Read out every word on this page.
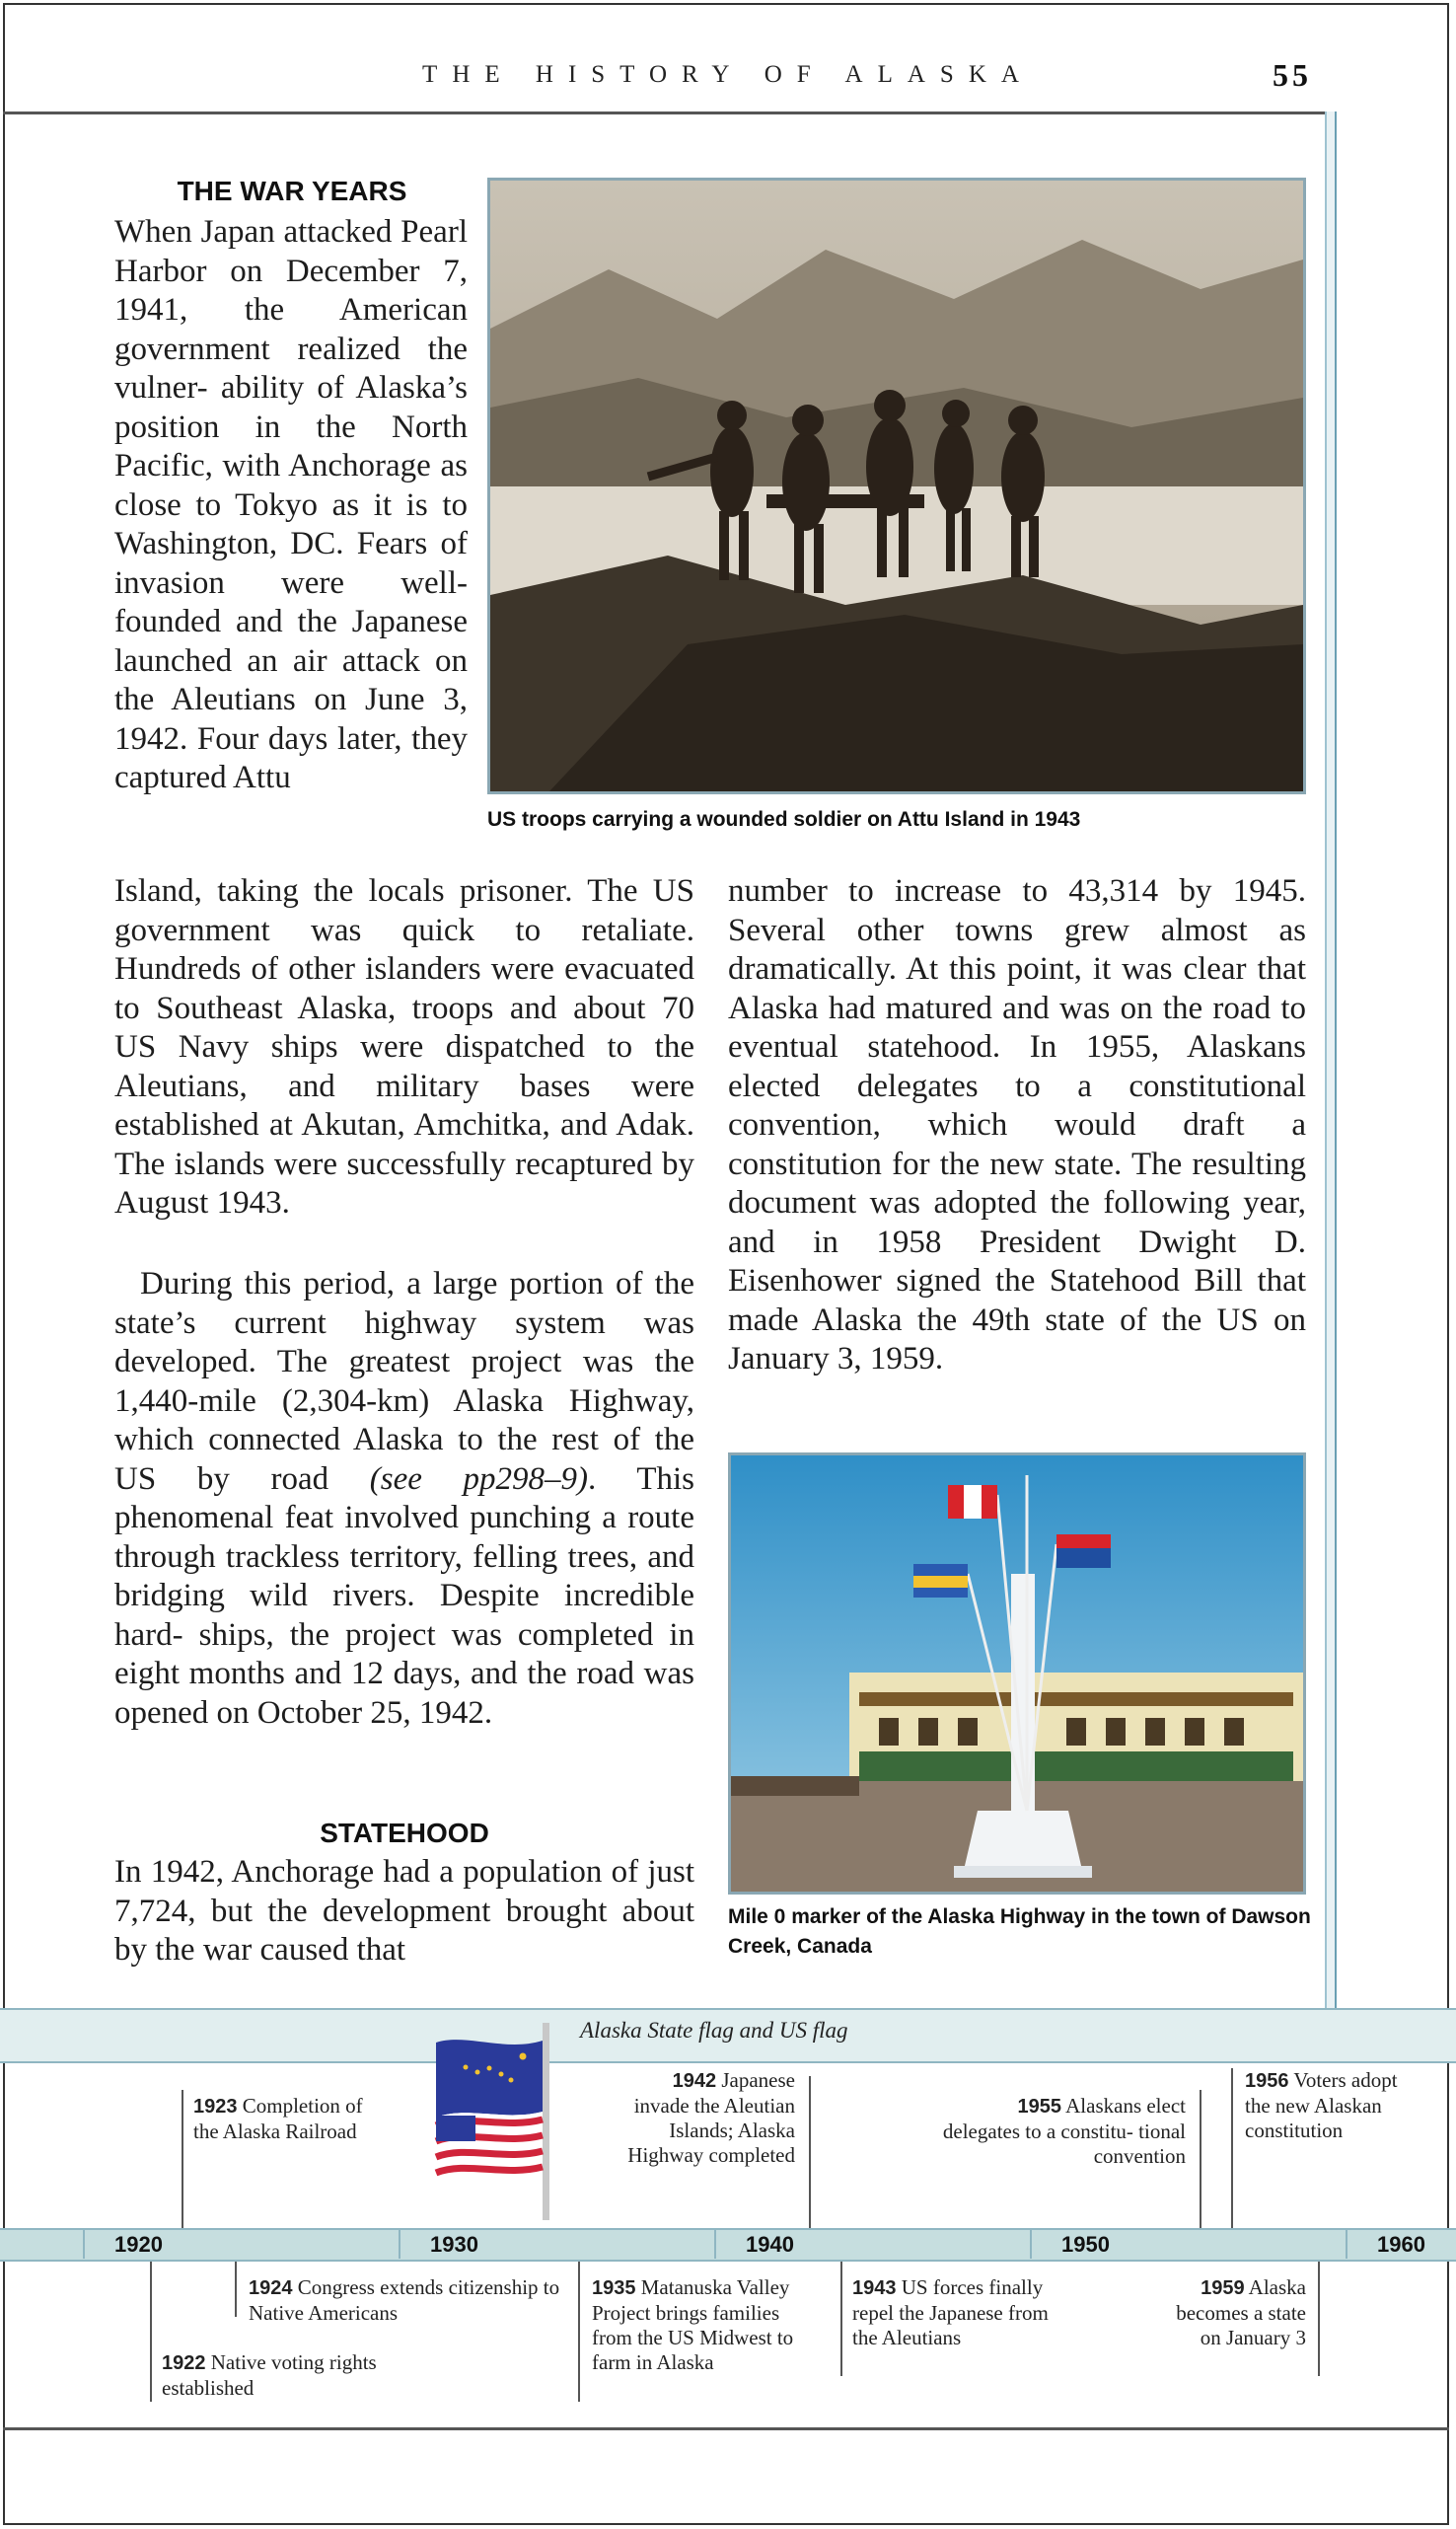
THE HISTORY OF ALASKA	55
THE WAR YEARS
When Japan attacked Pearl Harbor on December 7, 1941, the American government realized the vulner- ability of Alaska’s position in the North Pacific, with Anchorage as close to Tokyo as it is to Washington, DC. Fears of invasion were well-founded and the Japanese launched an air attack on the Aleutians on June 3, 1942. Four days later, they captured Attu
Island, taking the locals prisoner. The US government was quick to retaliate. Hundreds of other islanders were evacuated to Southeast Alaska, troops and about 70 US Navy ships were dispatched to the Aleutians, and military bases were established at Akutan, Amchitka, and Adak. The islands were successfully recaptured by August 1943.
During this period, a large portion of the state’s current highway system was developed. The greatest project was the 1,440-mile (2,304-km) Alaska Highway, which connected Alaska to the rest of the US by road (see pp298–9). This phenomenal feat involved punching a route through trackless territory, felling trees, and bridging wild rivers. Despite incredible hard- ships, the project was completed in eight months and 12 days, and the road was opened on October 25, 1942.
STATEHOOD
In 1942, Anchorage had a population of just 7,724, but the development brought about by the war caused that
number to increase to 43,314 by 1945. Several other towns grew almost as dramatically. At this point, it was clear that Alaska had matured and was on the road to eventual statehood. In 1955, Alaskans elected delegates to a constitutional convention, which would draft a constitution for the new state. The resulting document was adopted the following year, and in 1958 President Dwight D. Eisenhower signed the Statehood Bill that made Alaska the 49th state of the US on January 3, 1959.
US troops carrying a wounded soldier on Attu Island in 1943
Mile 0 marker of the Alaska Highway in the town of Dawson Creek, Canada
Alaska State flag and US flag
1920	1930	1940	1950	1960
1923 Completion of the Alaska Railroad
1942 Japanese invade the Aleutian Islands; Alaska Highway completed
1955 Alaskans elect delegates to a constitu- tional convention
1956 Voters adopt the new Alaskan constitution
1924 Congress extends citizenship to Native Americans
1922 Native voting rights established
1935 Matanuska Valley Project brings families from the US Midwest to farm in Alaska
1943 US forces finally repel the Japanese from the Aleutians
1959 Alaska becomes a state on January 3
